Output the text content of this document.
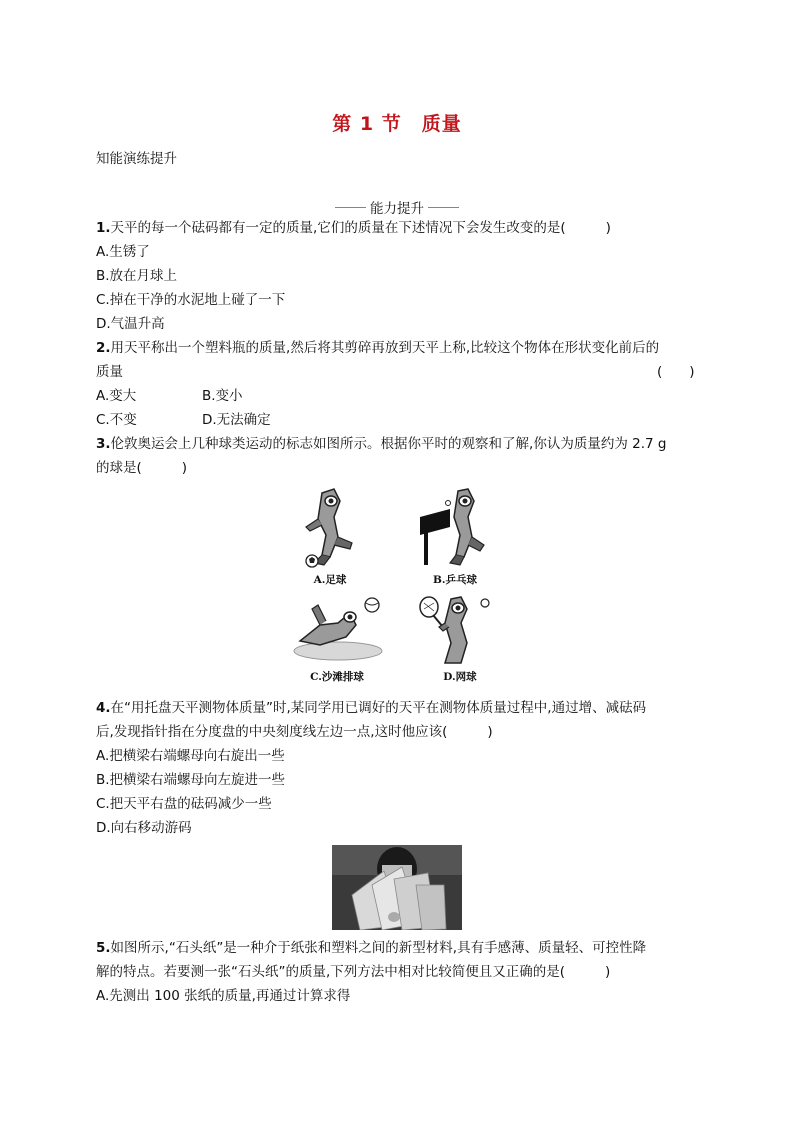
第 1 节　质量
知能演练提升
能力提升
1.天平的每一个砝码都有一定的质量,它们的质量在下述情况下会发生改变的是(	)
A.生锈了
B.放在月球上
C.掉在干净的水泥地上碰了一下
D.气温升高
2.用天平称出一个塑料瓶的质量,然后将其剪碎再放到天平上称,比较这个物体在形状变化前后的
质量	(　　)
A.变大	B.变小
C.不变	D.无法确定
3.伦敦奥运会上几种球类运动的标志如图所示。根据你平时的观察和了解,你认为质量约为 2.7 g
的球是(	)
A.足球	B.乒乓球
C.沙滩排球	D.网球
4.在“用托盘天平测物体质量”时,某同学用已调好的天平在测物体质量过程中,通过增、减砝码
后,发现指针指在分度盘的中央刻度线左边一点,这时他应该(	)
A.把横梁右端螺母向右旋出一些
B.把横梁右端螺母向左旋进一些
C.把天平右盘的砝码减少一些
D.向右移动游码
5.如图所示,“石头纸”是一种介于纸张和塑料之间的新型材料,具有手感薄、质量轻、可控性降
解的特点。若要测一张“石头纸”的质量,下列方法中相对比较简便且又正确的是(	)
A.先测出 100 张纸的质量,再通过计算求得
